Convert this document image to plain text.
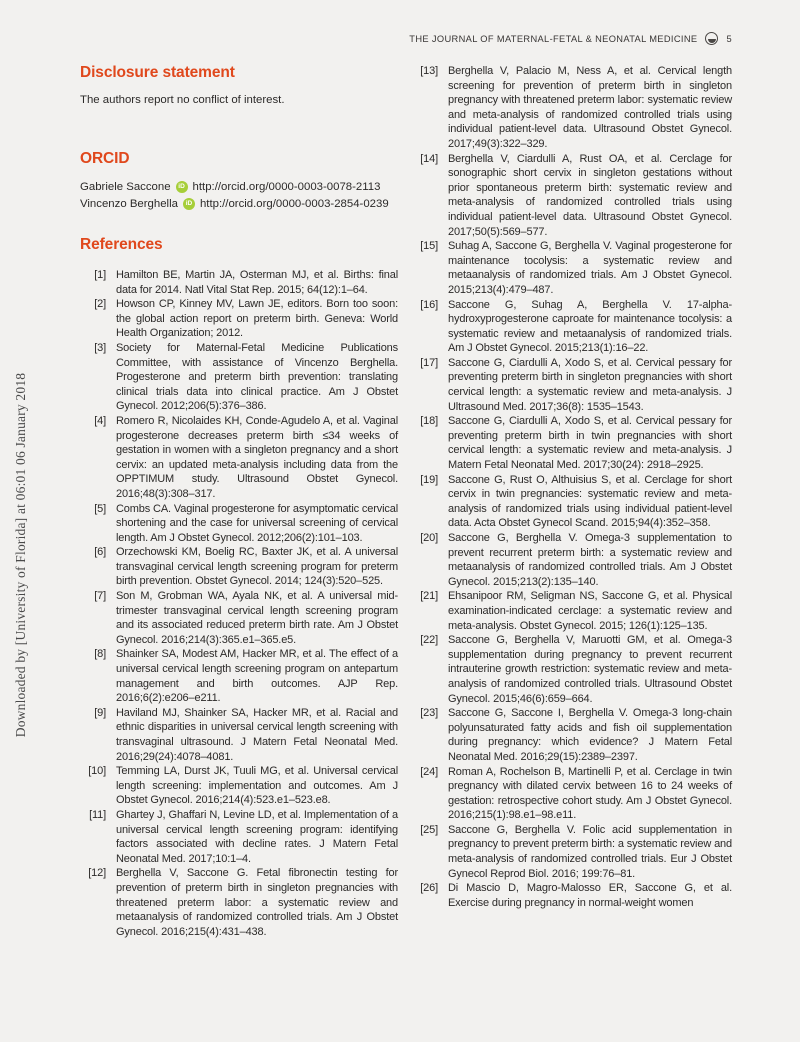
Downloaded by [University of Florida] at 06:01 06 January 2018
THE JOURNAL OF MATERNAL-FETAL & NEONATAL MEDICINE	5
Disclosure statement

The authors report no conflict of interest.

ORCID
Gabriele Saccone	iD http://orcid.org/0000-0003-0078-2113
Vincenzo Berghella	iD http://orcid.org/0000-0003-2854-0239
References
[1] Hamilton BE, Martin JA, Osterman MJ, et al. Births: final data for 2014. Natl Vital Stat Rep. 2015; 64(12):1–64.
[2] Howson CP, Kinney MV, Lawn JE, editors. Born too soon: the global action report on preterm birth. Geneva: World Health Organization; 2012.
[3] Society for Maternal-Fetal Medicine Publications Committee, with assistance of Vincenzo Berghella. Progesterone and preterm birth prevention: translating clinical trials data into clinical practice. Am J Obstet Gynecol. 2012;206(5):376–386.
[4] Romero R, Nicolaides KH, Conde-Agudelo A, et al. Vaginal progesterone decreases preterm birth ≤34 weeks of gestation in women with a singleton pregnancy and a short cervix: an updated meta-analysis including data from the OPPTIMUM study. Ultrasound Obstet Gynecol. 2016;48(3):308–317.
[5] Combs CA. Vaginal progesterone for asymptomatic cervical shortening and the case for universal screening of cervical length. Am J Obstet Gynecol. 2012;206(2):101–103.
[6] Orzechowski KM, Boelig RC, Baxter JK, et al. A universal transvaginal cervical length screening program for preterm birth prevention. Obstet Gynecol. 2014; 124(3):520–525.
[7] Son M, Grobman WA, Ayala NK, et al. A universal mid-trimester transvaginal cervical length screening program and its associated reduced preterm birth rate. Am J Obstet Gynecol. 2016;214(3):365.e1–365.e5.
[8] Shainker SA, Modest AM, Hacker MR, et al. The effect of a universal cervical length screening program on antepartum management and birth outcomes. AJP Rep. 2016;6(2):e206–e211.
[9] Haviland MJ, Shainker SA, Hacker MR, et al. Racial and ethnic disparities in universal cervical length screening with transvaginal ultrasound. J Matern Fetal Neonatal Med. 2016;29(24):4078–4081.
[10] Temming LA, Durst JK, Tuuli MG, et al. Universal cervical length screening: implementation and outcomes. Am J Obstet Gynecol. 2016;214(4):523.e1–523.e8.
[11] Ghartey J, Ghaffari N, Levine LD, et al. Implementation of a universal cervical length screening program: identifying factors associated with decline rates. J Matern Fetal Neonatal Med. 2017;10:1–4.
[12] Berghella V, Saccone G. Fetal fibronectin testing for prevention of preterm birth in singleton pregnancies with threatened preterm labor: a systematic review and metaanalysis of randomized controlled trials. Am J Obstet Gynecol. 2016;215(4):431–438.
[13] Berghella V, Palacio M, Ness A, et al. Cervical length screening for prevention of preterm birth in singleton pregnancy with threatened preterm labor: systematic review and meta-analysis of randomized controlled trials using individual patient-level data. Ultrasound Obstet Gynecol. 2017;49(3):322–329.
[14] Berghella V, Ciardulli A, Rust OA, et al. Cerclage for sonographic short cervix in singleton gestations without prior spontaneous preterm birth: systematic review and meta-analysis of randomized controlled trials using individual patient-level data. Ultrasound Obstet Gynecol. 2017;50(5):569–577.
[15] Suhag A, Saccone G, Berghella V. Vaginal progesterone for maintenance tocolysis: a systematic review and metaanalysis of randomized trials. Am J Obstet Gynecol. 2015;213(4):479–487.
[16] Saccone G, Suhag A, Berghella V. 17-alpha-hydroxyprogesterone caproate for maintenance tocolysis: a systematic review and metaanalysis of randomized trials. Am J Obstet Gynecol. 2015;213(1):16–22.
[17] Saccone G, Ciardulli A, Xodo S, et al. Cervical pessary for preventing preterm birth in singleton pregnancies with short cervical length: a systematic review and meta-analysis. J Ultrasound Med. 2017;36(8): 1535–1543.
[18] Saccone G, Ciardulli A, Xodo S, et al. Cervical pessary for preventing preterm birth in twin pregnancies with short cervical length: a systematic review and meta-analysis. J Matern Fetal Neonatal Med. 2017;30(24): 2918–2925.
[19] Saccone G, Rust O, Althuisius S, et al. Cerclage for short cervix in twin pregnancies: systematic review and meta-analysis of randomized trials using individual patient-level data. Acta Obstet Gynecol Scand. 2015;94(4):352–358.
[20] Saccone G, Berghella V. Omega-3 supplementation to prevent recurrent preterm birth: a systematic review and metaanalysis of randomized controlled trials. Am J Obstet Gynecol. 2015;213(2):135–140.
[21] Ehsanipoor RM, Seligman NS, Saccone G, et al. Physical examination-indicated cerclage: a systematic review and meta-analysis. Obstet Gynecol. 2015; 126(1):125–135.
[22] Saccone G, Berghella V, Maruotti GM, et al. Omega-3 supplementation during pregnancy to prevent recurrent intrauterine growth restriction: systematic review and meta-analysis of randomized controlled trials. Ultrasound Obstet Gynecol. 2015;46(6):659–664.
[23] Saccone G, Saccone I, Berghella V. Omega-3 long-chain polyunsaturated fatty acids and fish oil supplementation during pregnancy: which evidence? J Matern Fetal Neonatal Med. 2016;29(15):2389–2397.
[24] Roman A, Rochelson B, Martinelli P, et al. Cerclage in twin pregnancy with dilated cervix between 16 to 24 weeks of gestation: retrospective cohort study. Am J Obstet Gynecol. 2016;215(1):98.e1–98.e11.
[25] Saccone G, Berghella V. Folic acid supplementation in pregnancy to prevent preterm birth: a systematic review and meta-analysis of randomized controlled trials. Eur J Obstet Gynecol Reprod Biol. 2016; 199:76–81.
[26] Di Mascio D, Magro-Malosso ER, Saccone G, et al. Exercise during pregnancy in normal-weight women
